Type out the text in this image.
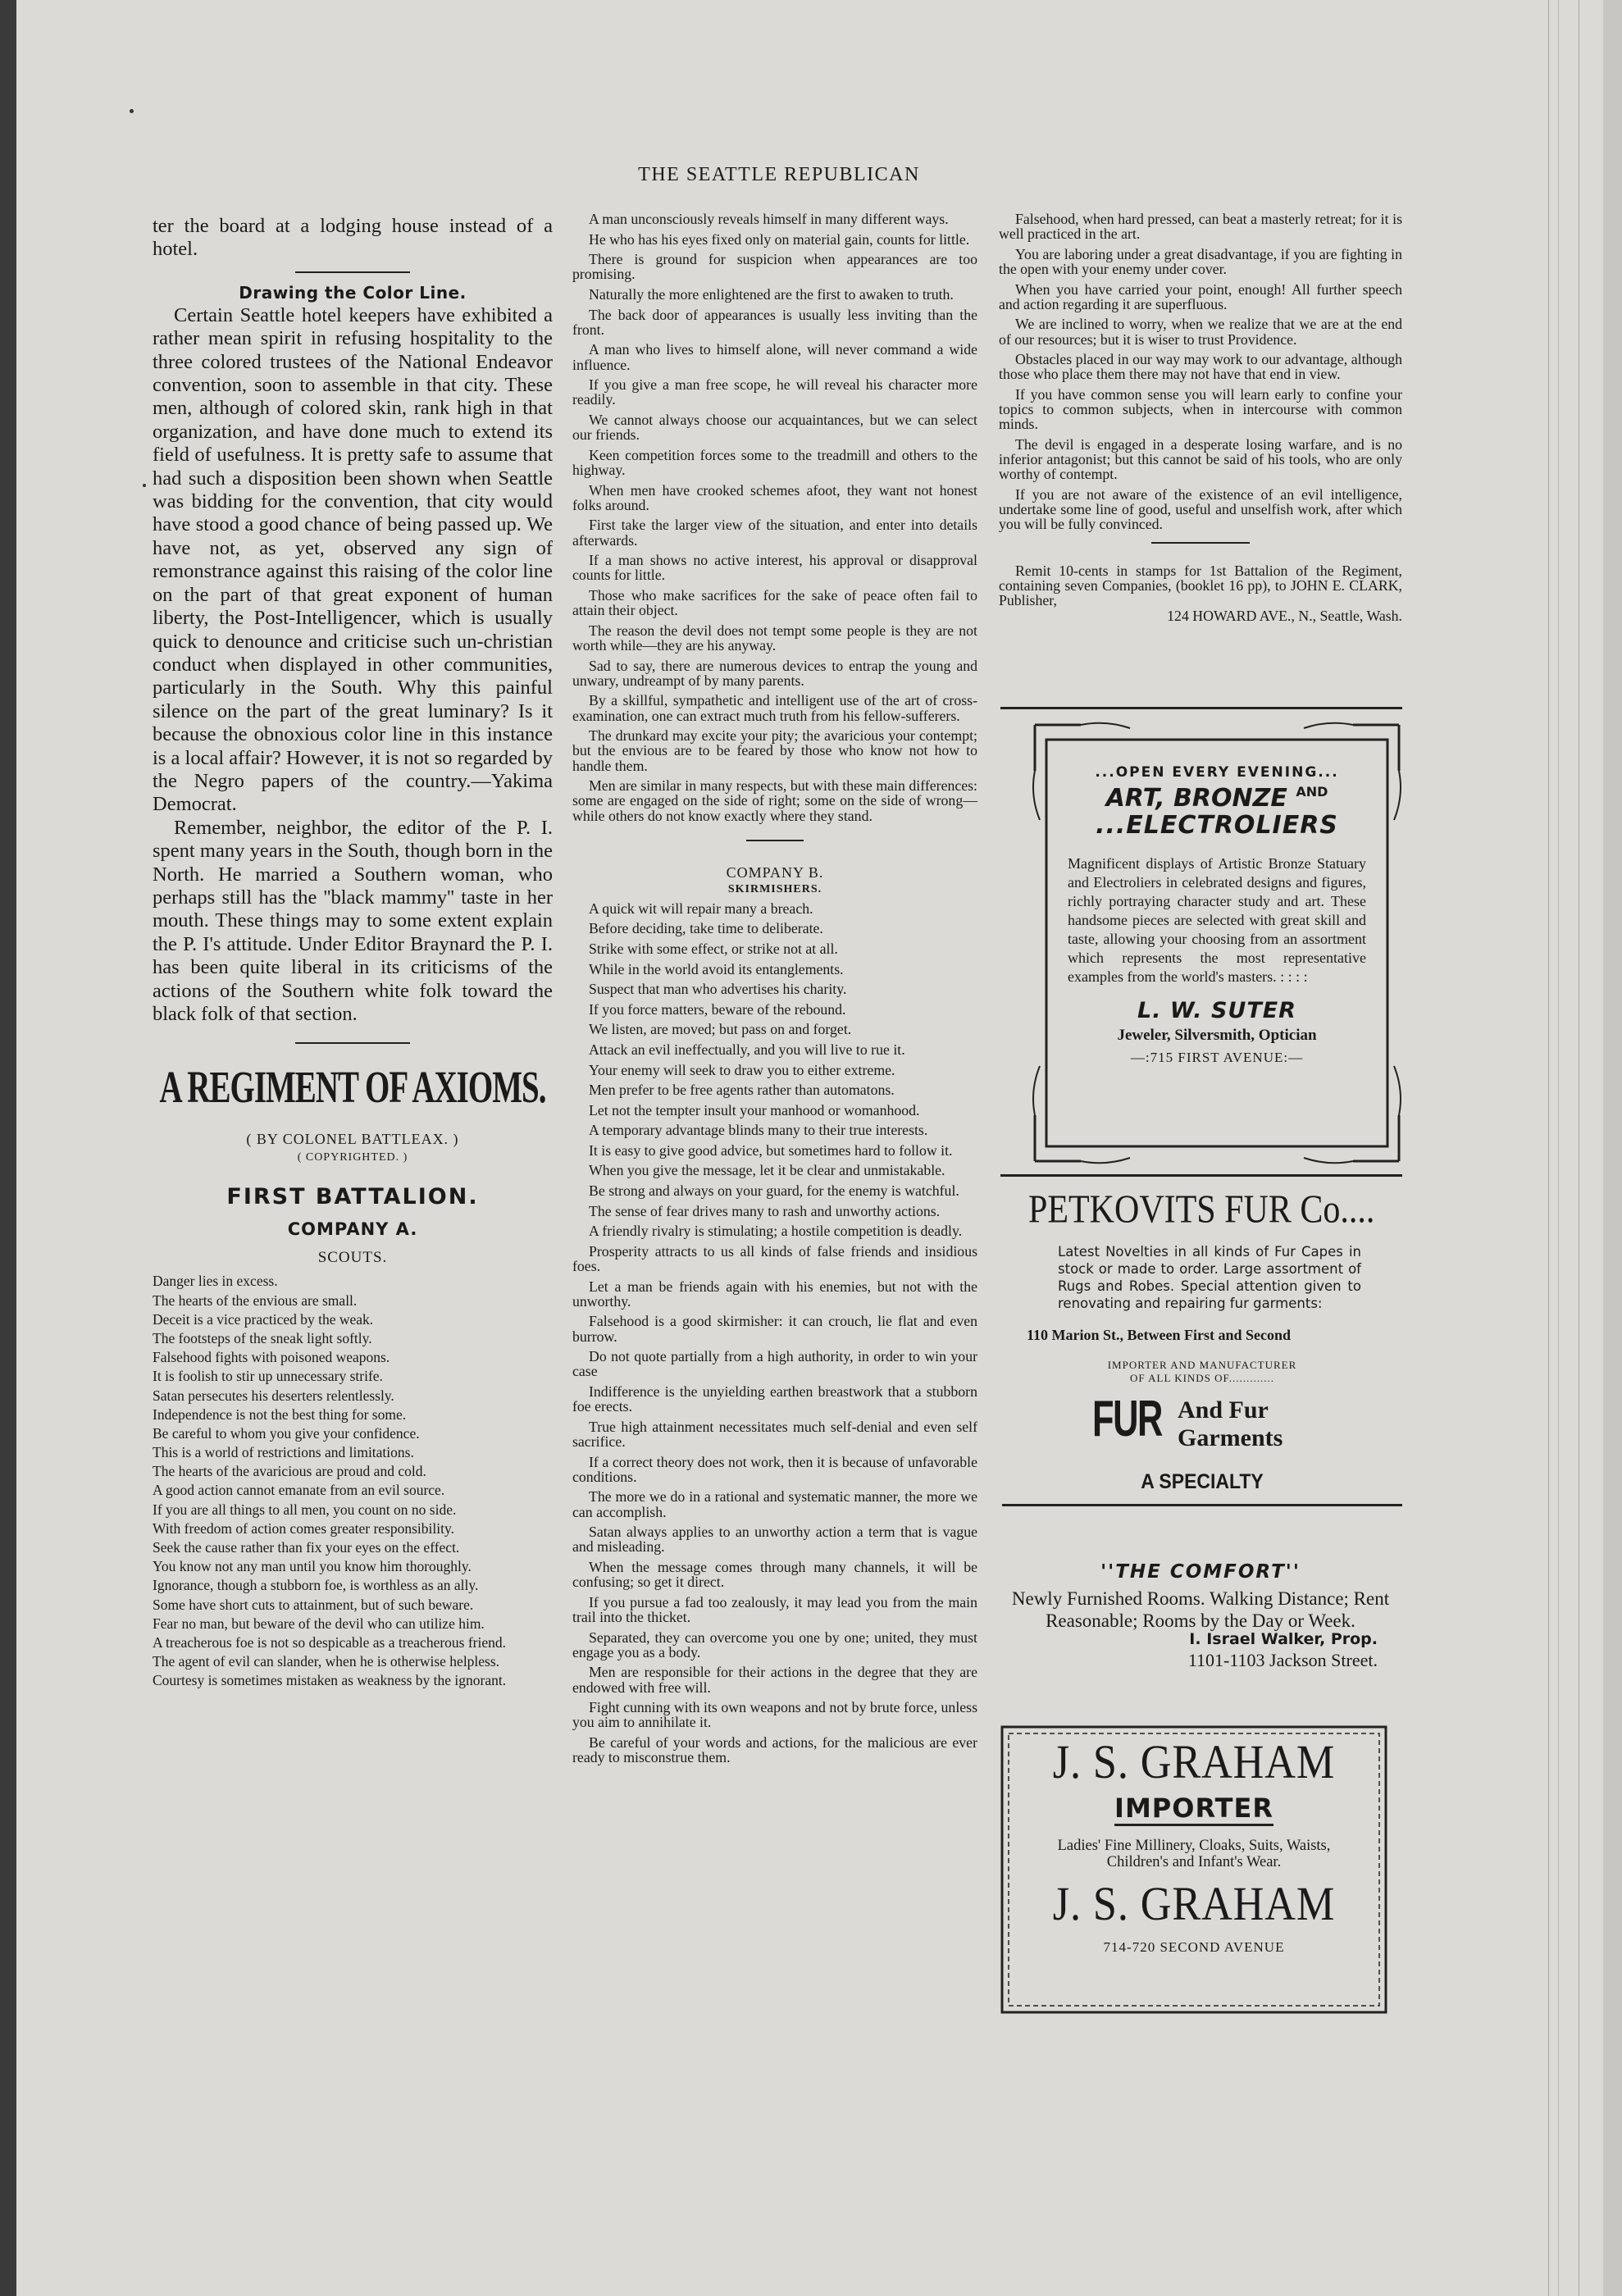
THE SEATTLE REPUBLICAN
ter the board at a lodging house instead of a hotel.
Drawing the Color Line.
Certain Seattle hotel keepers have exhibited a rather mean spirit in refusing hospitality to the three colored trustees of the National Endeavor convention, soon to assemble in that city. These men, although of colored skin, rank high in that organization, and have done much to extend its field of usefulness. It is pretty safe to assume that had such a disposition been shown when Seattle was bidding for the convention, that city would have stood a good chance of being passed up. We have not, as yet, observed any sign of remonstrance against this raising of the color line on the part of that great exponent of human liberty, the Post-Intelligencer, which is usually quick to denounce and criticise such un-christian conduct when displayed in other communities, particularly in the South. Why this painful silence on the part of the great luminary? Is it because the obnoxious color line in this instance is a local affair? However, it is not so regarded by the Negro papers of the country.—Yakima Democrat.
Remember, neighbor, the editor of the P. I. spent many years in the South, though born in the North. He married a Southern woman, who perhaps still has the ''black mammy'' taste in her mouth. These things may to some extent explain the P. I's attitude. Under Editor Braynard the P. I. has been quite liberal in its criticisms of the actions of the Southern white folk toward the black folk of that section.
A REGIMENT OF AXIOMS.
( BY COLONEL BATTLEAX. )
( COPYRIGHTED. )
FIRST BATTALION.
COMPANY A.
SCOUTS.

Danger lies in excess.

The hearts of the envious are small.

Deceit is a vice practiced by the weak.

The footsteps of the sneak light softly.

Falsehood fights with poisoned weapons.

It is foolish to stir up unnecessary strife.

Satan persecutes his deserters relentlessly.

Independence is not the best thing for some.

Be careful to whom you give your confidence.

This is a world of restrictions and limitations.

The hearts of the avaricious are proud and cold.

A good action cannot emanate from an evil source.

If you are all things to all men, you count on no side.

With freedom of action comes greater responsibility.

Seek the cause rather than fix your eyes on the effect.

You know not any man until you know him thoroughly.

Ignorance, though a stubborn foe, is worthless as an ally.

Some have short cuts to attainment, but of such beware.

Fear no man, but beware of the devil who can utilize him.

A treacherous foe is not so despicable as a treacherous friend.

The agent of evil can slander, when he is otherwise helpless.

Courtesy is sometimes mistaken as weakness by the ignorant.

A man unconsciously reveals himself in many different ways.

He who has his eyes fixed only on material gain, counts for little.

There is ground for suspicion when appearances are too promising.

Naturally the more enlightened are the first to awaken to truth.

The back door of appearances is usually less inviting than the front.

A man who lives to himself alone, will never command a wide influence.

If you give a man free scope, he will reveal his character more readily.

We cannot always choose our acquaintances, but we can select our friends.

Keen competition forces some to the treadmill and others to the highway.

When men have crooked schemes afoot, they want not honest folks around.

First take the larger view of the situation, and enter into details afterwards.

If a man shows no active interest, his approval or disapproval counts for little.

Those who make sacrifices for the sake of peace often fail to attain their object.

The reason the devil does not tempt some people is they are not worth while—they are his anyway.

Sad to say, there are numerous devices to entrap the young and unwary, undreampt of by many parents.

By a skillful, sympathetic and intelligent use of the art of cross-examination, one can extract much truth from his fellow-sufferers.

The drunkard may excite your pity; the avaricious your contempt; but the envious are to be feared by those who know not how to handle them.

Men are similar in many respects, but with these main differences: some are engaged on the side of right; some on the side of wrong—while others do not know exactly where they stand.

COMPANY B.
SKIRMISHERS.

A quick wit will repair many a breach.

Before deciding, take time to deliberate.

Strike with some effect, or strike not at all.

While in the world avoid its entanglements.

Suspect that man who advertises his charity.

If you force matters, beware of the rebound.

We listen, are moved; but pass on and forget.

Attack an evil ineffectually, and you will live to rue it.

Your enemy will seek to draw you to either extreme.

Men prefer to be free agents rather than automatons.

Let not the tempter insult your manhood or womanhood.

A temporary advantage blinds many to their true interests.

It is easy to give good advice, but sometimes hard to follow it.

When you give the message, let it be clear and unmistakable.

Be strong and always on your guard, for the enemy is watchful.

The sense of fear drives many to rash and unworthy actions.

A friendly rivalry is stimulating; a hostile competition is deadly.

Prosperity attracts to us all kinds of false friends and insidious foes.

Let a man be friends again with his enemies, but not with the unworthy.

Falsehood is a good skirmisher: it can crouch, lie flat and even burrow.

Do not quote partially from a high authority, in order to win your case

Indifference is the unyielding earthen breastwork that a stubborn foe erects.

True high attainment necessitates much self-denial and even self sacrifice.

If a correct theory does not work, then it is because of unfavorable conditions.

The more we do in a rational and systematic manner, the more we can accomplish.

Satan always applies to an unworthy action a term that is vague and misleading.

When the message comes through many channels, it will be confusing; so get it direct.

If you pursue a fad too zealously, it may lead you from the main trail into the thicket.

Separated, they can overcome you one by one; united, they must engage you as a body.

Men are responsible for their actions in the degree that they are endowed with free will.

Fight cunning with its own weapons and not by brute force, unless you aim to annihilate it.

Be careful of your words and actions, for the malicious are ever ready to misconstrue them.

Falsehood, when hard pressed, can beat a masterly retreat; for it is well practiced in the art.

You are laboring under a great disadvantage, if you are fighting in the open with your enemy under cover.

When you have carried your point, enough! All further speech and action regarding it are superfluous.

We are inclined to worry, when we realize that we are at the end of our resources; but it is wiser to trust Providence.

Obstacles placed in our way may work to our advantage, although those who place them there may not have that end in view.

If you have common sense you will learn early to confine your topics to common subjects, when in intercourse with common minds.

The devil is engaged in a desperate losing warfare, and is no inferior antagonist; but this cannot be said of his tools, who are only worthy of contempt.

If you are not aware of the existence of an evil intelligence, undertake some line of good, useful and unselfish work, after which you will be fully convinced.

Remit 10-cents in stamps for 1st Battalion of the Regiment, containing seven Companies, (booklet 16 pp), to JOHN E. CLARK, Publisher,
124 HOWARD AVE., N., Seattle, Wash.
...OPEN EVERY EVENING...
ART, BRONZE $^{AND}$
...ELECTROLIERS
Magnificent displays of Artistic Bronze Statuary and Electroliers in celebrated designs and figures, richly portraying character study and art. These handsome pieces are selected with great skill and taste, allowing your choosing from an assortment which represents the most representative examples from the world's masters. : : : :
L. W. SUTER
Jeweler, Silversmith, Optician
—:715 FIRST AVENUE:—
PETKOVITS FUR Co....
Latest Novelties in all kinds of Fur Capes in stock or made to order. Large assortment of Rugs and Robes. Special attention given to renovating and repairing fur garments:
110 Marion St., Between First and Second
IMPORTER AND MANUFACTURER
OF ALL KINDS OF.............
FUR And Fur
Garments
A SPECIALTY
''THE COMFORT''
Newly Furnished Rooms. Walking Distance; Rent Reasonable; Rooms by the Day or Week.
I. Israel Walker, Prop.
1101-1103 Jackson Street.
J. S. GRAHAM
IMPORTER
Ladies' Fine Millinery, Cloaks, Suits, Waists, Children's and Infant's Wear.
J. S. GRAHAM
714-720 SECOND AVENUE
